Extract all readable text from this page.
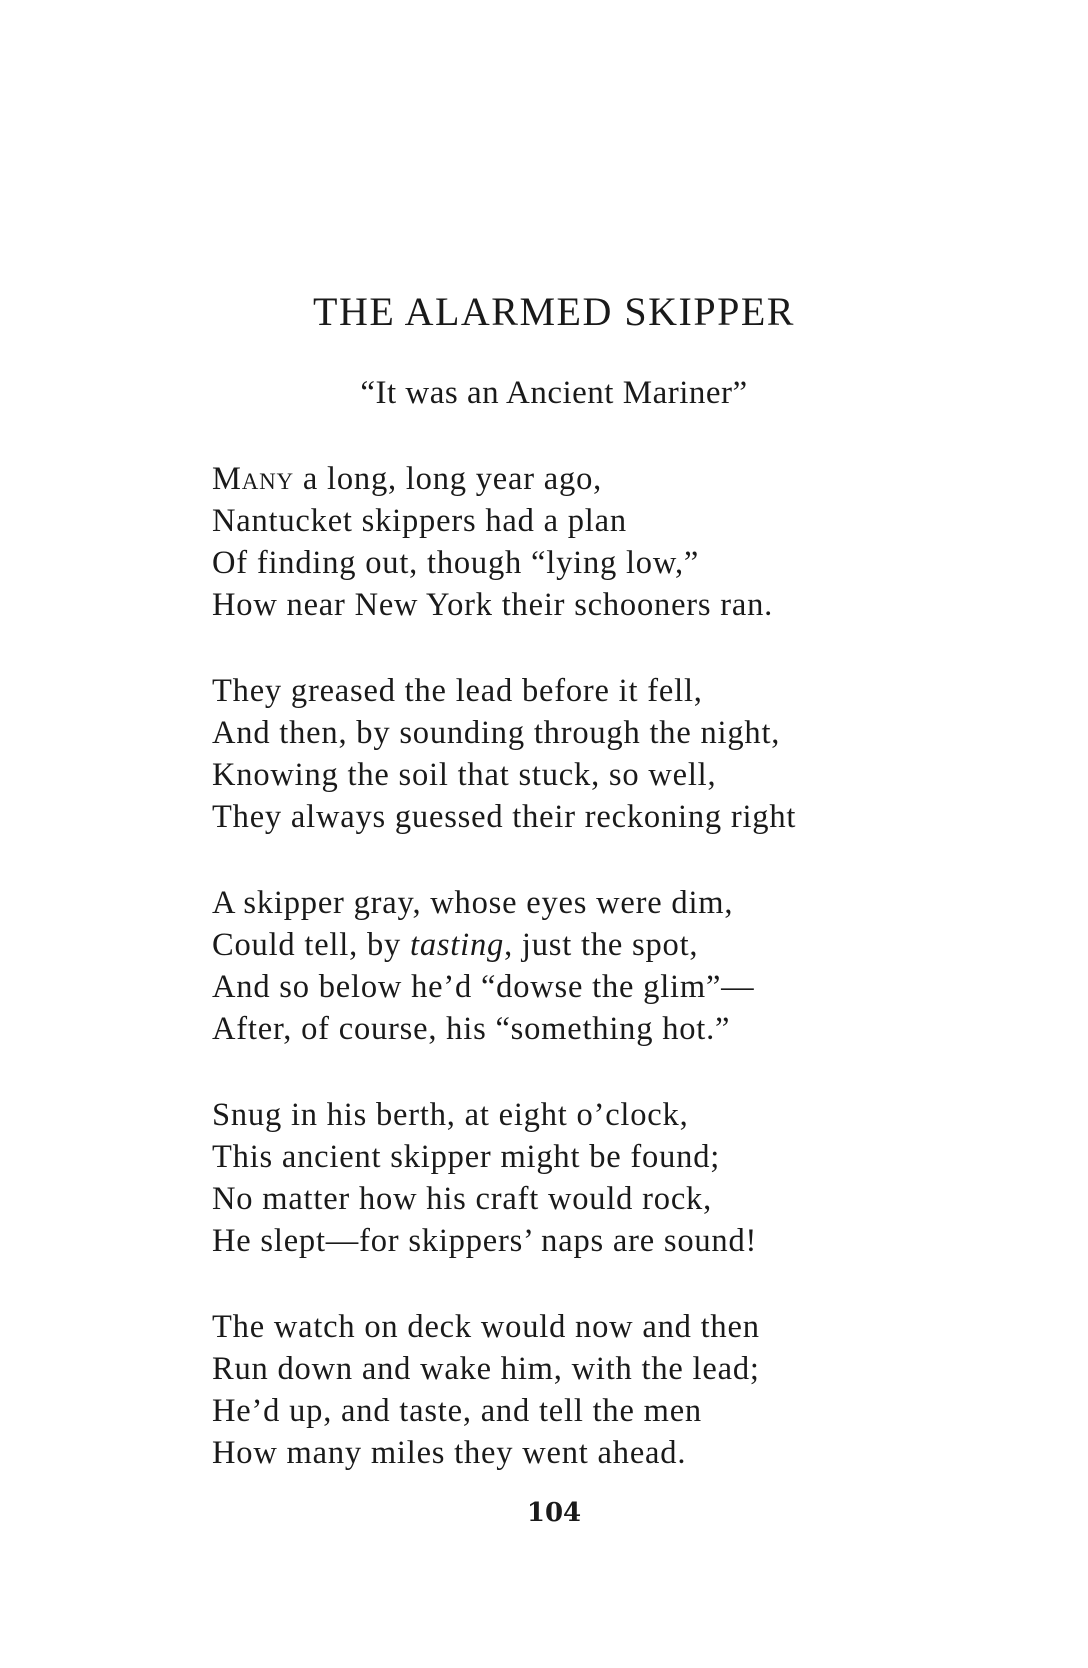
THE ALARMED SKIPPER

“It was an Ancient Mariner”

Many a long, long year ago,
Nantucket skippers had a plan
Of finding out, though “lying low,”
How near New York their schooners ran.
They greased the lead before it fell,
And then, by sounding through the night,
Knowing the soil that stuck, so well,
They always guessed their reckoning right
A skipper gray, whose eyes were dim,
Could tell, by tasting, just the spot,
And so below he’d “dowse the glim”—
After, of course, his “something hot.”
Snug in his berth, at eight o’clock,
This ancient skipper might be found;
No matter how his craft would rock,
He slept—for skippers’ naps are sound!
The watch on deck would now and then
Run down and wake him, with the lead;
He’d up, and taste, and tell the men
How many miles they went ahead.
104
